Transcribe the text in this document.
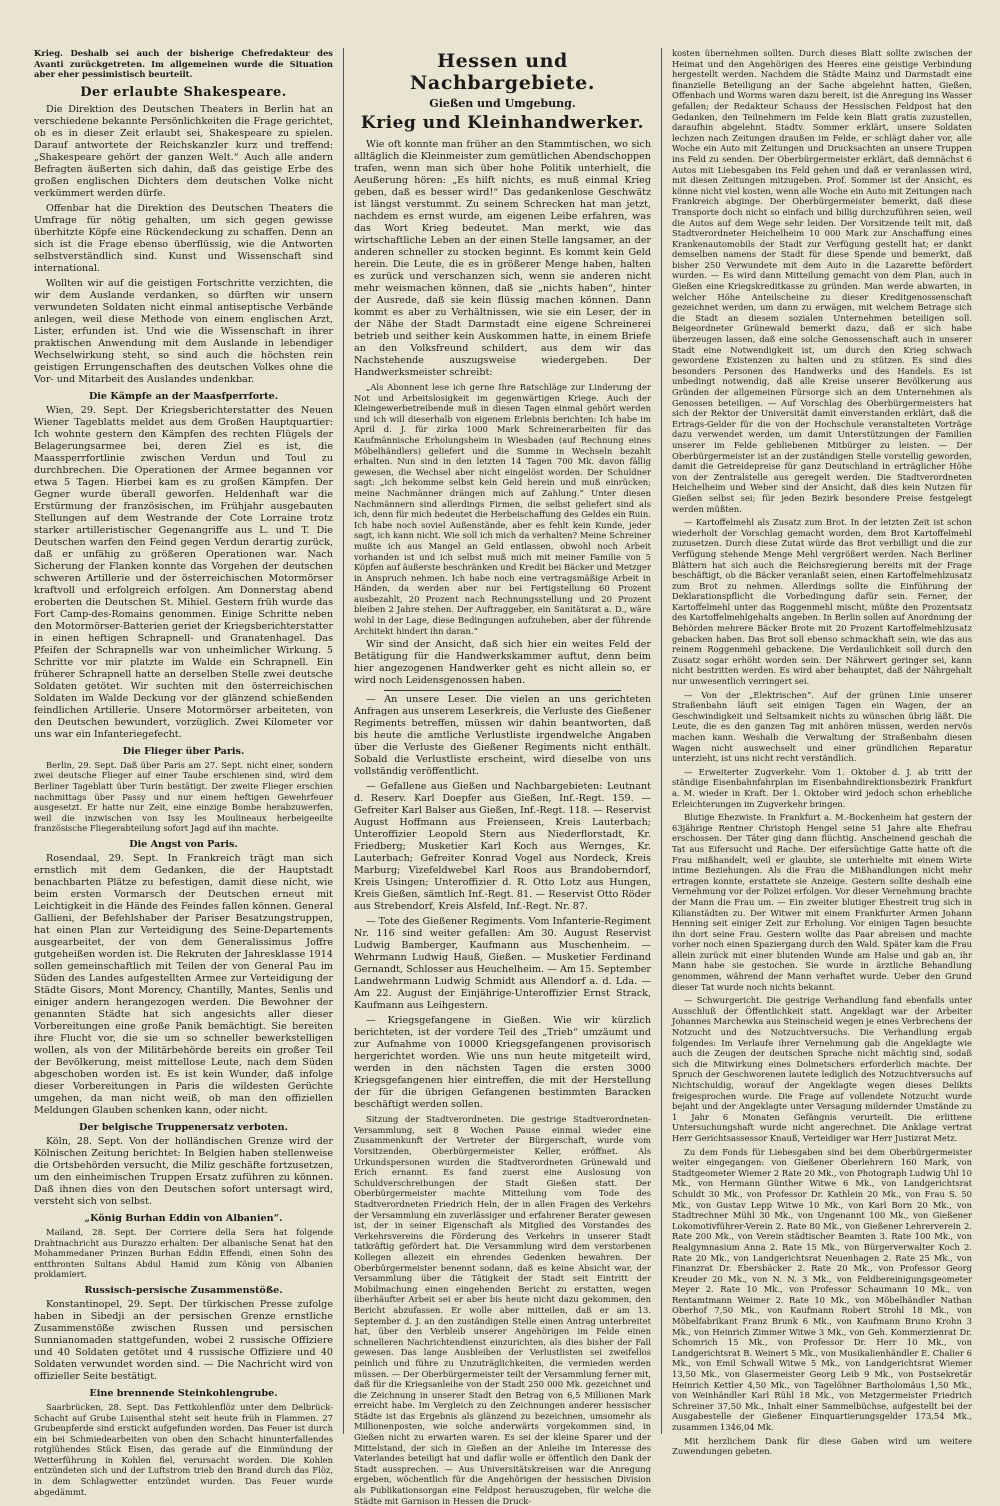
Krieg. Deshalb sei auch der bisherige Chefredakteur des Avanti zurückgetreten. Im allgemeinen wurde die Situation aber eher pessimistisch beurteilt.

Der erlaubte Shakespeare.

Die Direktion des Deutschen Theaters in Berlin hat an verschiedene bekannte Persönlichkeiten die Frage gerichtet, ob es in dieser Zeit erlaubt sei, Shakespeare zu spielen. Darauf antwortete der Reichskanzler kurz und treffend: „Shakespeare gehört der ganzen Welt.“ Auch alle andern Befragten äußerten sich dahin, daß das geistige Erbe des großen englischen Dichters dem deutschen Volke nicht verkümmert werden dürfe.

Offenbar hat die Direktion des Deutschen Theaters die Umfrage für nötig gehalten, um sich gegen gewisse überhitzte Köpfe eine Rückendeckung zu schaffen. Denn an sich ist die Frage ebenso überflüssig, wie die Antworten selbstverständlich sind. Kunst und Wissenschaft sind international.

Wollten wir auf die geistigen Fortschritte verzichten, die wir dem Auslande verdanken, so dürften wir unsern verwundeten Soldaten nicht einmal antiseptische Verbände anlegen, weil diese Methode von einem englischen Arzt, Lister, erfunden ist. Und wie die Wissenschaft in ihrer praktischen Anwendung mit dem Auslande in lebendiger Wechselwirkung steht, so sind auch die höchsten rein geistigen Errungenschaften des deutschen Volkes ohne die Vor- und Mitarbeit des Auslandes undenkbar.

Die Kämpfe an der Maasfperrforte.

Wien, 29. Sept. Der Kriegsberichterstatter des Neuen Wiener Tageblatts meldet aus dem Großen Hauptquartier: Ich wohnte gestern den Kämpfen des rechten Flügels der Belagerungsarmee bei, deren Ziel es ist, die Maassperrfortlinie zwischen Verdun und Toul zu durchbrechen. Die Operationen der Armee begannen vor etwa 5 Tagen. Hierbei kam es zu großen Kämpfen. Der Gegner wurde überall geworfen. Heldenhaft war die Erstürmung der französischen, im Frühjahr ausgebauten Stellungen auf dem Westrande der Cote Lorraine trotz starker artilleristischer Gegenangriffe aus L. und T. Die Deutschen warfen den Feind gegen Verdun derartig zurück, daß er unfähig zu größeren Operationen war. Nach Sicherung der Flanken konnte das Vorgehen der deutschen schweren Artillerie und der österreichischen Motormörser kraftvoll und erfolgreich erfolgen. Am Donnerstag abend eroberten die Deutschen St. Mihiel. Gestern früh wurde das Fort Camp-des-Romains genommen. Einige Schritte neben den Motormörser-Batterien geriet der Kriegsberichterstatter in einen heftigen Schrapnell- und Granatenhagel. Das Pfeifen der Schrapnells war von unheimlicher Wirkung. 5 Schritte vor mir platzte im Walde ein Schrapnell. Ein früherer Schrapnell hatte an derselben Stelle zwei deutsche Soldaten getötet. Wir suchten mit den österreichischen Soldaten im Walde Deckung vor der glänzend schießenden feindlichen Artillerie. Unsere Motormörser arbeiteten, von den Deutschen bewundert, vorzüglich. Zwei Kilometer vor uns war ein Infanteriegefecht.

Die Flieger über Paris.

Berlin, 29. Sept. Daß über Paris am 27. Sept. nicht einer, sondern zwei deutsche Flieger auf einer Taube erschienen sind, wird dem Berliner Tageblatt über Turin bestätigt. Der zweite Flieger erschien nachmittags über Passy und nur einem heftigen Gewehrfeuer ausgesetzt. Er hatte nur Zeit, eine einzige Bombe herabzuwerfen, weil die inzwischen von Issy les Moulineaux herbeigeeilte französische Fliegerabteilung sofort Jagd auf ihn machte.

Die Angst von Paris.

Rosendaal, 29. Sept. In Frankreich trägt man sich ernstlich mit dem Gedanken, die der Hauptstadt benachbarten Plätze zu befestigen, damit diese nicht, wie beim ersten Vormarsch der Deutschen erneut mit Leichtigkeit in die Hände des Feindes fallen können. General Gallieni, der Befehlshaber der Pariser Besatzungstruppen, hat einen Plan zur Verteidigung des Seine-Departements ausgearbeitet, der von dem Generalissimus Joffre gutgeheißen worden ist. Die Rekruten der Jahresklasse 1914 sollen gemeinschaftlich mit Teilen der von General Pau im Süden des Landes aufgestellten Armee zur Verteidigung der Städte Gisors, Mont Morency, Chantilly, Mantes, Senlis und einiger andern herangezogen werden. Die Bewohner der genannten Städte hat sich angesichts aller dieser Vorbereitungen eine große Panik bemächtigt. Sie bereiten ihre Flucht vor, die sie um so schneller bewerkstelligen wollen, als von der Militärbehörde bereits ein großer Teil der Bevölkerung, meist mittellose Leute, nach dem Süden abgeschoben worden ist. Es ist kein Wunder, daß infolge dieser Vorbereitungen in Paris die wildesten Gerüchte umgehen, da man nicht weiß, ob man den offiziellen Meldungen Glauben schenken kann, oder nicht.

Der belgische Truppenersatz verboten.

Köln, 28. Sept. Von der holländischen Grenze wird der Kölnischen Zeitung berichtet: In Belgien haben stellenweise die Ortsbehörden versucht, die Miliz geschäfte fortzusetzen, um den einheimischen Truppen Ersatz zuführen zu können. Daß ihnen dies von den Deutschen sofort untersagt wird, versteht sich von selbst.

„König Burhan Eddin von Albanien“.

Mailand, 28. Sept. Der Corriere della Sera hat folgende Drahtnachricht aus Durazzo erhalten: Der albanische Senat hat den Mohammedaner Prinzen Burhan Eddin Effendi, einen Sohn des entthronten Sultans Abdul Hamid zum König von Albanien proklamiert.

Russisch-persische Zusammenstöße.

Konstantinopel, 29. Sept. Der türkischen Presse zufolge haben in Sibedji an der persischen Grenze ernstliche Zusammenstöße zwischen Russen und persischen Sunnianomaden stattgefunden, wobei 2 russische Offiziere und 40 Soldaten getötet und 4 russische Offiziere und 40 Soldaten verwundet worden sind. — Die Nachricht wird von offizieller Seite bestätigt.

Eine brennende Steinkohlengrube.

Saarbrücken, 28. Sept. Das Fettkohlenflöz unter dem Delbrück-Schacht auf Grube Luisenthal steht seit heute früh in Flammen. 27 Grubenpferde sind erstickt aufgefunden worden. Das Feuer ist durch ein bei Schmiedearbeiten von oben den Schacht hinunterfallendes rotglühendes Stück Eisen, das gerade auf die Einmündung der Wetterführung in Kohlen fiel, verursacht worden. Die Kohlen entzündeten sich und der Luftstrom trieb den Brand durch das Flöz, in dem Schlagwetter entzündet wurden. Das Feuer wurde abgedämmt.

Hessen und Nachbargebiete.
Gießen und Umgebung.
Krieg und Kleinhandwerker.

Wie oft konnte man früher an den Stammtischen, wo sich alltäglich die Kleinmeister zum gemütlichen Abendschoppen trafen, wenn man sich über hohe Politik unterhielt, die Aeußerung hören: „Es hilft nichts, es muß einmal Krieg geben, daß es besser wird!“ Das gedankenlose Geschwätz ist längst verstummt. Zu seinem Schrecken hat man jetzt, nachdem es ernst wurde, am eigenen Leibe erfahren, was das Wort Krieg bedeutet. Man merkt, wie das wirtschaftliche Leben an der einen Stelle langsamer, an der anderen schneller zu stocken beginnt. Es kommt kein Geld herein. Die Leute, die es in größerer Menge haben, halten es zurück und verschanzen sich, wenn sie anderen nicht mehr weismachen können, daß sie „nichts haben“, hinter der Ausrede, daß sie kein flüssig machen können. Dann kommt es aber zu Verhältnissen, wie sie ein Leser, der in der Nähe der Stadt Darmstadt eine eigene Schreinerei betrieb und seither kein Auskommen hatte, in einem Briefe an den Volksfreund schildert, aus dem wir das Nachstehende auszugsweise wiedergeben. Der Handwerksmeister schreibt:

„Als Abonnent lese ich gerne Ihre Ratschläge zur Linderung der Not und Arbeitslosigkeit im gegenwärtigen Kriege. Auch der Kleingewerbetreibende muß in diesen Tagen einmal gehört werden und ich will dieserhalb von eigenem Erlebnis berichten: Ich habe im April d. J. für zirka 1000 Mark Schreinerarbeiten für das Kaufmännische Erholungsheim in Wiesbaden (auf Rechnung eines Möbelhändlers) geliefert und die Summe in Wechseln bezahlt erhalten. Nun sind in den letzten 14 Tagen 700 Mk. davon fällig gewesen, die Wechsel aber nicht eingelöst worden. Der Schuldner sagt: „ich bekomme selbst kein Geld herein und muß einrücken; meine Nachmänner drängen mich auf Zahlung.“ Unter diesen Nachmännern sind allerdings Firmen, die selbst geliefert sind als ich, denn für mich bedeutet die Herbeischaffung des Geldes ein Ruin. Ich habe noch soviel Außenstände, aber es fehlt kein Kunde, jeder sagt, ich kann nicht. Wie soll ich mich da verhalten? Meine Schreiner mußte ich aus Mangel an Geld entlassen, obwohl noch Arbeit vorhanden ist und ich selbst muß mich mit meiner Familie von 5 Köpfen auf äußerste beschränken und Kredit bei Bäcker und Metzger in Anspruch nehmen. Ich habe noch eine vertragsmäßige Arbeit in Händen, da werden aber nur bei Fertigstellung 60 Prozent ausbezahlt, 20 Prozent nach Rechnungsstellung und 20 Prozent bleiben 2 Jahre stehen. Der Auftraggeber, ein Sanitätsrat a. D., wäre wohl in der Lage, diese Bedingungen aufzuheben, aber der führende Architekt hindert ihn daran.“

Wir sind der Ansicht, daß sich hier ein weites Feld der Betätigung für die Handwerkskammer auftut, denn beim hier angezogenen Handwerker geht es nicht allein so, er wird noch Leidensgenossen haben.

— An unsere Leser. Die vielen an uns gerichteten Anfragen aus unserem Leserkreis, die Verluste des Gießener Regiments betreffen, müssen wir dahin beantworten, daß bis heute die amtliche Verlustliste irgendwelche Angaben über die Verluste des Gießener Regiments nicht enthält. Sobald die Verlustliste erscheint, wird dieselbe von uns vollständig veröffentlicht.

— Gefallene aus Gießen und Nachbargebieten: Leutnant d. Reserv. Karl Doepfer aus Gießen, Inf.-Regt. 159. — Gefreiter Karl Balser aus Gießen, Inf.-Regt. 118. — Reservist August Hoffmann aus Freienseen, Kreis Lauterbach; Unteroffizier Leopold Stern aus Niederflorstadt, Kr. Friedberg; Musketier Karl Koch aus Wernges, Kr. Lauterbach; Gefreiter Konrad Vogel aus Nordeck, Kreis Marburg; Vizefeldwebel Karl Roos aus Brandoberndorf, Kreis Usingen; Unteroffizier d. R. Otto Lotz aus Hungen, Kreis Gießen, sämtlich Inf.-Regt. 81. — Reservist Otto Röder aus Strebendorf, Kreis Alsfeld, Inf.-Regt. Nr. 87.

— Tote des Gießener Regiments. Vom Infanterie-Regiment Nr. 116 sind weiter gefallen: Am 30. August Reservist Ludwig Bamberger, Kaufmann aus Muschenheim. — Wehrmann Ludwig Hauß, Gießen. — Musketier Ferdinand Gernandt, Schlosser aus Heuchelheim. — Am 15. September Landwehrmann Ludwig Schmidt aus Allendorf a. d. Lda. — Am 22. August der Einjährige-Unteroffizier Ernst Strack, Kaufmann aus Leihgestern.

— Kriegsgefangene in Gießen. Wie wir kürzlich berichteten, ist der vordere Teil des „Trieb“ umzäumt und zur Aufnahme von 10000 Kriegsgefangenen provisorisch hergerichtet worden. Wie uns nun heute mitgeteilt wird, werden in den nächsten Tagen die ersten 3000 Kriegsgefangenen hier eintreffen, die mit der Herstellung der für die übrigen Gefangenen bestimmten Baracken beschäftigt werden sollen.

Sitzung der Stadtverordneten. Die gestrige Stadtverordneten-Versammlung, seit 8 Wochen Pause einmal wieder eine Zusammenkunft der Vertreter der Bürgerschaft, wurde vom Vorsitzenden, Oberbürgermeister Keller, eröffnet. Als Urkundspersonen wurden die Stadtverordneten Grünewald und Erich ernannt. Es fand zuerst eine Auslosung von Schuldverschreibungen der Stadt Gießen statt. Der Oberbürgermeister machte Mitteilung vom Tode des Stadtverordneten Friedrich Heln, der in allen Fragen des Verkehrs der Versammlung ein zuverlässiger und erfahrener Berater gewesen ist, der in seiner Eigenschaft als Mitglied des Vorstandes des Verkehrsvereins die Förderung des Verkehrs in unserer Stadt tatkräftig gefördert hat. Die Versammlung wird dem verstorbenen Kollegen allezeit ein ehrendes Gedenken bewahren. Der Oberbürgermeister benennt sodann, daß es keine Absicht war, der Versammlung über die Tätigkeit der Stadt seit Eintritt der Mobilmachung einen eingehenden Bericht zu erstatten, wegen überhäufter Arbeit sei er aber bis heute nicht dazu gekommen, den Bericht abzufassen. Er wolle aber mitteilen, daß er am 13. September d. J. an den zuständigen Stelle einen Antrag unterbreitet hat, über den Verbleib unserer Angehörigen im Felde einen schnelleren Nachrichtendienst einzurichten, als dies bisher der Fall gewesen. Das lange Ausbleiben der Verlustlisten sei zweifellos peinlich und führe zu Unzuträglichkeiten, die vermieden werden müssen. — Der Oberbürgermeister teilt der Versammlung ferner mit, daß für die Kriegsanleihe von der Stadt 250 000 Mk. gezeichnet und die Zeichnung in unserer Stadt den Betrag von 6,5 Millionen Mark erreicht habe. Im Vergleich zu den Zeichnungen anderer hessischer Städte ist das Ergebnis als glänzend zu bezeichnen, umsomehr als Millionenposten, wie solche anderwärts vorgekommen sind, in Gießen nicht zu erwarten waren. Es sei der kleine Sparer und der Mittelstand, der sich in Gießen an der Anleihe im Interesse des Vaterlandes beteiligt hat und dafür wolle er öffentlich den Dank der Stadt aussprechen. — Aus Universitätskreisen war die Anregung ergeben, wöchentlich für die Angehörigen der hessischen Division als Publikationsorgan eine Feldpost herauszugeben, für welche die Städte mit Garnison in Hessen die Druck-

kosten übernehmen sollten. Durch dieses Blatt sollte zwischen der Heimat und den Angehörigen des Heeres eine geistige Verbindung hergestellt werden. Nachdem die Städte Mainz und Darmstadt eine finanzielle Beteiligung an der Sache abgelehnt hatten, Gießen, Offenbach und Worms waren dazu bereit, ist die Anregung ins Wasser gefallen; der Redakteur Schauss der Hessischen Feldpost hat den Gedanken, den Teilnehmern im Felde kein Blatt gratis zuzustellen, daraufhin abgelehnt. Stadtv. Sommer erklärt, unsere Soldaten lechzen nach Zeitungen draußen im Felde, er schlägt daher vor, alle Woche ein Auto mit Zeitungen und Drucksachten an unsere Truppen ins Feld zu senden. Der Oberbürgermeister erklärt, daß demnächst 6 Autos mit Liebesgaben ins Feld gehen und daß er veranlassen wird, mit diesen Zeitungen mitzugeben. Prof. Sommer ist der Ansicht, es könne nicht viel kosten, wenn alle Woche ein Auto mit Zeitungen nach Frankreich abginge. Der Oberbürgermeister bemerkt, daß diese Transporte doch nicht so einfach und billig durchzuführen seien, weil die Autos auf dem Wege sehr leiden. Der Vorsitzende teilt mit, daß Stadtverordneter Heichelheim 10 000 Mark zur Anschaffung eines Krankenautomobils der Stadt zur Verfügung gestellt hat; er dankt demselben namens der Stadt für diese Spende und bemerkt, daß bisher 250 Verwundete mit dem Auto in die Lazarette befördert wurden. — Es wird dann Mitteilung gemacht von dem Plan, auch in Gießen eine Kriegskreditkasse zu gründen. Man werde abwarten, in welcher Höhe Anteilscheine zu dieser Kreditgenossenschaft gezeichnet werden, um dann zu erwägen, mit welchem Betrage sich die Stadt an diesem sozialen Unternehmen beteiligen soll. Beigeordneter Grünewald bemerkt dazu, daß er sich habe überzeugen lassen, daß eine solche Genossenschaft auch in unserer Stadt eine Notwendigkeit ist, um durch den Krieg schwach gewordene Existenzen zu halten und zu stützen. Es sind dies besonders Personen des Handwerks und des Handels. Es ist unbedingt notwendig, daß alle Kreise unserer Bevölkerung aus Gründen der allgemeinen Fürsorge sich an dem Unternehmen als Genossen beteiligen. — Auf Vorschlag des Oberbürgermeisters hat sich der Rektor der Universität damit einverstanden erklärt, daß die Ertrags-Gelder für die von der Hochschule veranstalteten Vorträge dazu verwendet werden, um damit Unterstützungen der Familien unserer im Felde gebliebenen Mitbürger zu leisten. — Der Oberbürgermeister ist an der zuständigen Stelle vorstellig geworden, damit die Getreidepreise für ganz Deutschland in erträglicher Höhe von der Zentralstelle aus geregelt werden. Die Stadtverordneten Heichelheim und Weber sind der Ansicht, daß dies kein Nutzen für Gießen selbst sei; für jeden Bezirk besondere Preise festgelegt werden müßten.

— Kartoffelmehl als Zusatz zum Brot. In der letzten Zeit ist schon wiederholt der Vorschlag gemacht worden, dem Brot Kartoffelmehl zuzusetzen. Durch diese Zutat würde das Brot verbilligt und die zur Verfügung stehende Menge Mehl vergrößert werden. Nach Berliner Blättern hat sich auch die Reichsregierung bereits mit der Frage beschäftigt, ob die Bäcker veranlaßt seien, einen Kartoffelmehlzusatz zum Brot zu nehmen. Allerdings sollte die Einführung der Deklarationspflicht die Vorbedingung dafür sein. Ferner, der Kartoffelmehl unter das Roggenmehl mischt, müßte den Prozentsatz des Kartoffelmehlgehalts angeben. In Berlin sollen auf Anordnung der Behörden mehrere Bäcker Brote mit 20 Prozent Kartoffelmehlzusatz gebacken haben. Das Brot soll ebenso schmackhaft sein, wie das aus reinem Roggenmehl gebackene. Die Verdaulichkeit soll durch den Zusatz sogar erhöht worden sein. Der Nährwert geringer sei, kann nicht bestritten werden. Es wird aber behauptet, daß der Nährgehalt nur unwesentlich verringert sei.

— Von der „Elektrischen“. Auf der grünen Linie unserer Straßenbahn läuft seit einigen Tagen ein Wagen, der an Geschwindigkeit und Seltsamkeit nichts zu wünschen übrig läßt. Die Leute, die es den ganzen Tag mit anhören müssen, werden nervös machen kann. Weshalb die Verwaltung der Straßenbahn diesen Wagen nicht auswechselt und einer gründlichen Reparatur unterzieht, ist uns nicht recht verständlich.

— Erweiterter Zugverkehr. Vom 1. Oktober d. J. ab tritt der ständige Eisenbahnfahrplan im Eisenbahndirektionsbezirk Frankfurt a. M. wieder in Kraft. Der 1. Oktober wird jedoch schon erhebliche Erleichterungen im Zugverkehr bringen.

Blutige Ehezwiste. In Frankfurt a. M.-Bockenheim hat gestern der 63jährige Rentner Christoph Hengel seine 51 Jahre alte Ehefrau erschossen. Der Täter ging dann flüchtig. Anscheinend geschah die Tat aus Eifersucht und Rache. Der eifersüchtige Gatte hatte oft die Frau mißhandelt, weil er glaubte, sie unterhielte mit einem Wirte intime Beziehungen. Als die Frau die Mißhandlungen nicht mehr ertragen konnte, erstattete sie Anzeige. Gestern sollte deshalb eine Vernehmung vor der Polizei erfolgen. Vor dieser Vernehmung brachte der Mann die Frau um. — Ein zweiter blutiger Ehestreit trug sich in Kilianstädten zu. Der Witwer mit einem Frankfurter Armen Johann Henning seit einiger Zeit zur Erholung. Vor einigen Tagen besuchte ihn dort seine Frau. Gestern wollte das Paar abreisen und machte vorher noch einen Spaziergang durch den Wald. Später kam die Frau allein zurück mit einer blutenden Wunde am Halse und gab an, ihr Mann habe sie gestochen. Sie wurde in ärztliche Behandlung genommen, während der Mann verhaftet wurde. Ueber den Grund dieser Tat wurde noch nichts bekannt.

— Schwurgericht. Die gestrige Verhandlung fand ebenfalls unter Ausschluß der Öffentlichkeit statt. Angeklagt war der Arbeiter Johannes Marchewka aus Steinscheid wegen je eines Verbrechens der Notzucht und des Notzuchtversuchs. Die Verhandlung ergab folgendes: Im Verlaufe ihrer Vernehmung gab die Angeklagte wie auch die Zeugen der deutschen Sprache nicht mächtig sind, sodaß sich die Mitwirkung eines Dolmetschers erforderlich machte. Der Spruch der Geschworenen lautete lediglich des Notzuchtversuchs auf Nichtschuldig, worauf der Angeklagte wegen dieses Delikts freigesprochen wurde. Die Frage auf vollendete Notzucht wurde bejaht und der Angeklagte unter Versagung mildernder Umstände zu 1 Jahr 6 Monaten Gefängnis verurteilt. Die erlittene Untersuchungshaft wurde nicht angerechnet. Die Anklage vertrat Herr Gerichtsassessor Knauß, Verteidiger war Herr Justizrat Metz.

Zu dem Fonds für Liebesgaben sind bei dem Oberbürgermeister weiter eingegangen: von Gießener Oberlehrern 160 Mark, von Stadtgeometer Wiemer 2 Rate 20 Mk., von Photograph Ludwig Uhl 10 Mk., von Hermann Günther Witwe 6 Mk., von Landgerichtsrat Schuldt 30 Mk., von Professor Dr. Kathlein 20 Mk., von Frau S. 50 Mk., von Gustav Lepp Witwe 10 Mk., von Karl Born 20 Mk., von Stadtrechner Mühl 30 Mk., von Ungenannt 100 Mk., von Gießener Lokomotivführer-Verein 2. Rate 80 Mk., von Gießener Lehrerverein 2. Rate 200 Mk., von Verein städtischer Beamten 3. Rate 100 Mk., von Realgymnasium Anna 2. Rate 15 Mk., von Bürgerverwalter Koch 2. Rate 20 Mk., von Landgerichtsrat Neuenhagen 2. Rate 25 Mk., von Finanzrat Dr. Ebersbäcker 2. Rate 20 Mk., von Professor Georg Kreuder 20 Mk., von N. N. 3 Mk., von Feldbereinigungsgeometer Meyer 2. Rate 10 Mk., von Professor Schaumann 10 Mk., von Rentamtmann Weimer 2. Rate 10 Mk., von Möbelhändler Nathan Oberhof 7,50 Mk., von Kaufmann Robert Strohl 18 Mk., von Möbelfabrikant Franz Brunk 6 Mk., von Kaufmann Bruno Krohn 3 Mk., von Heinrich Zimmer Witwe 3 Mk., von Geh. Kommerzienrat Dr. Schomrich 15 Mk., von Professor Dr. Herr 10 Mk., von Landgerichtsrat B. Weinert 5 Mk., von Musikalienhändler E. Chalier 6 Mk., von Emil Schwall Witwe 5 Mk., von Landgerichtsrat Wiemer 13,50 Mk., von Glasermeister Georg Leib 9 Mk., von Postsekretär Heinrich Kettler 4,50 Mk., von Tagelöhner Bartholomäus 1,50 Mk., von Weinhändler Karl Rühl 18 Mk., von Metzgermeister Friedrich Schreiner 37,50 Mk., Inhalt einer Sammelbüchse, aufgestellt bei der Ausgabestelle der Gießener Einquartierungsgelder 173,54 Mk., zusammen 1346,04 Mk.

Mit herzlichem Dank für diese Gaben wird um weitere Zuwendungen gebeten.
